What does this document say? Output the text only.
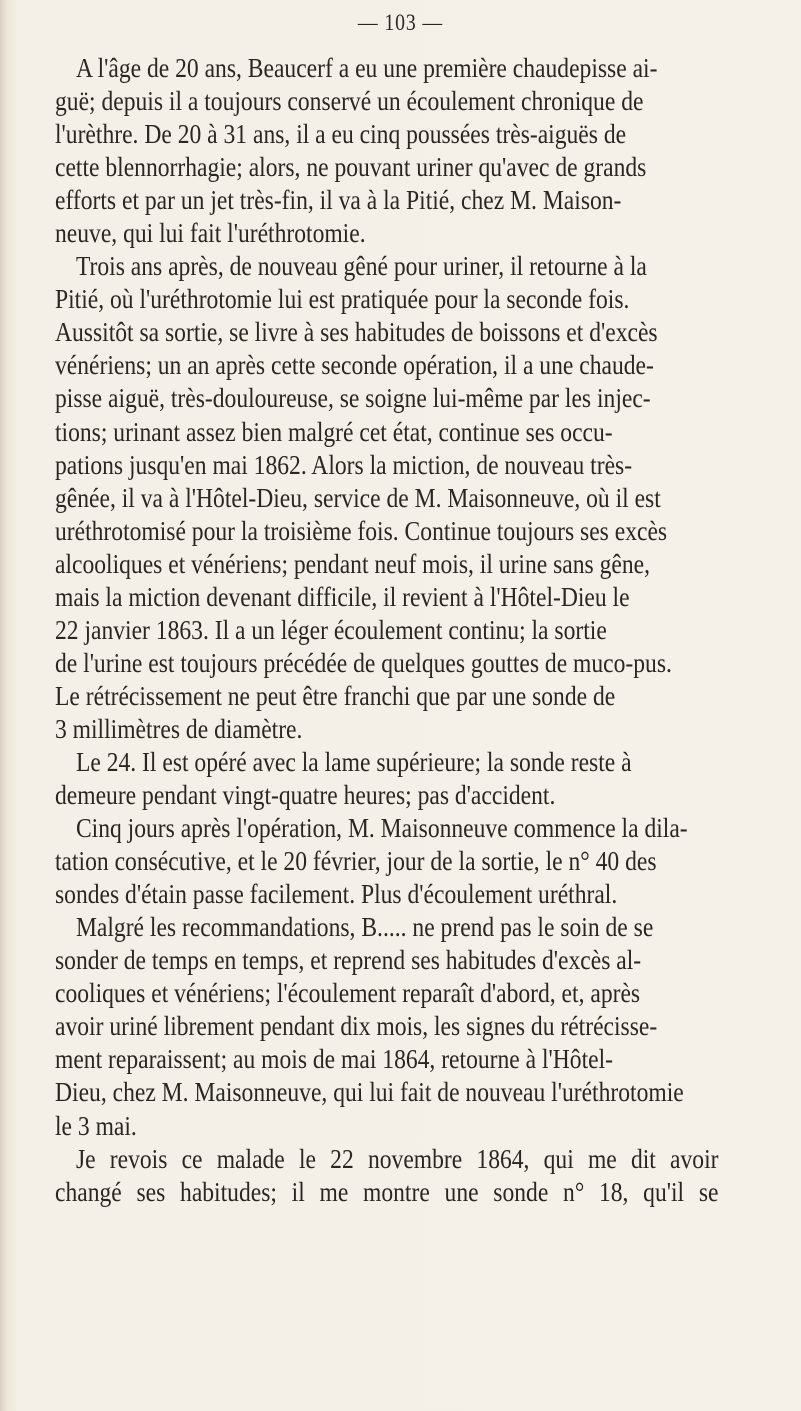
— 103 —

A l'âge de 20 ans, Beaucerf a eu une première chaudepisse ai-
guë; depuis il a toujours conservé un écoulement chronique de
l'urèthre. De 20 à 31 ans, il a eu cinq poussées très-aiguës de
cette blennorrhagie; alors, ne pouvant uriner qu'avec de grands
efforts et par un jet très-fin, il va à la Pitié, chez M. Maison-
neuve, qui lui fait l'uréthrotomie.

Trois ans après, de nouveau gêné pour uriner, il retourne à la
Pitié, où l'uréthrotomie lui est pratiquée pour la seconde fois.
Aussitôt sa sortie, se livre à ses habitudes de boissons et d'excès
vénériens; un an après cette seconde opération, il a une chaude-
pisse aiguë, très-douloureuse, se soigne lui-même par les injec-
tions; urinant assez bien malgré cet état, continue ses occu-
pations jusqu'en mai 1862. Alors la miction, de nouveau très-
gênée, il va à l'Hôtel-Dieu, service de M. Maisonneuve, où il est
uréthrotomisé pour la troisième fois. Continue toujours ses excès
alcooliques et vénériens; pendant neuf mois, il urine sans gêne,
mais la miction devenant difficile, il revient à l'Hôtel-Dieu le
22 janvier 1863. Il a un léger écoulement continu; la sortie
de l'urine est toujours précédée de quelques gouttes de muco-pus.
Le rétrécissement ne peut être franchi que par une sonde de
3 millimètres de diamètre.

Le 24. Il est opéré avec la lame supérieure; la sonde reste à
demeure pendant vingt-quatre heures; pas d'accident.

Cinq jours après l'opération, M. Maisonneuve commence la dila-
tation consécutive, et le 20 février, jour de la sortie, le n° 40 des
sondes d'étain passe facilement. Plus d'écoulement uréthral.

Malgré les recommandations, B..... ne prend pas le soin de se
sonder de temps en temps, et reprend ses habitudes d'excès al-
cooliques et vénériens; l'écoulement reparaît d'abord, et, après
avoir uriné librement pendant dix mois, les signes du rétrécisse-
ment reparaissent; au mois de mai 1864, retourne à l'Hôtel-
Dieu, chez M. Maisonneuve, qui lui fait de nouveau l'uréthrotomie
le 3 mai.

Je revois ce malade le 22 novembre 1864, qui me dit avoir
changé ses habitudes; il me montre une sonde n° 18, qu'il se
